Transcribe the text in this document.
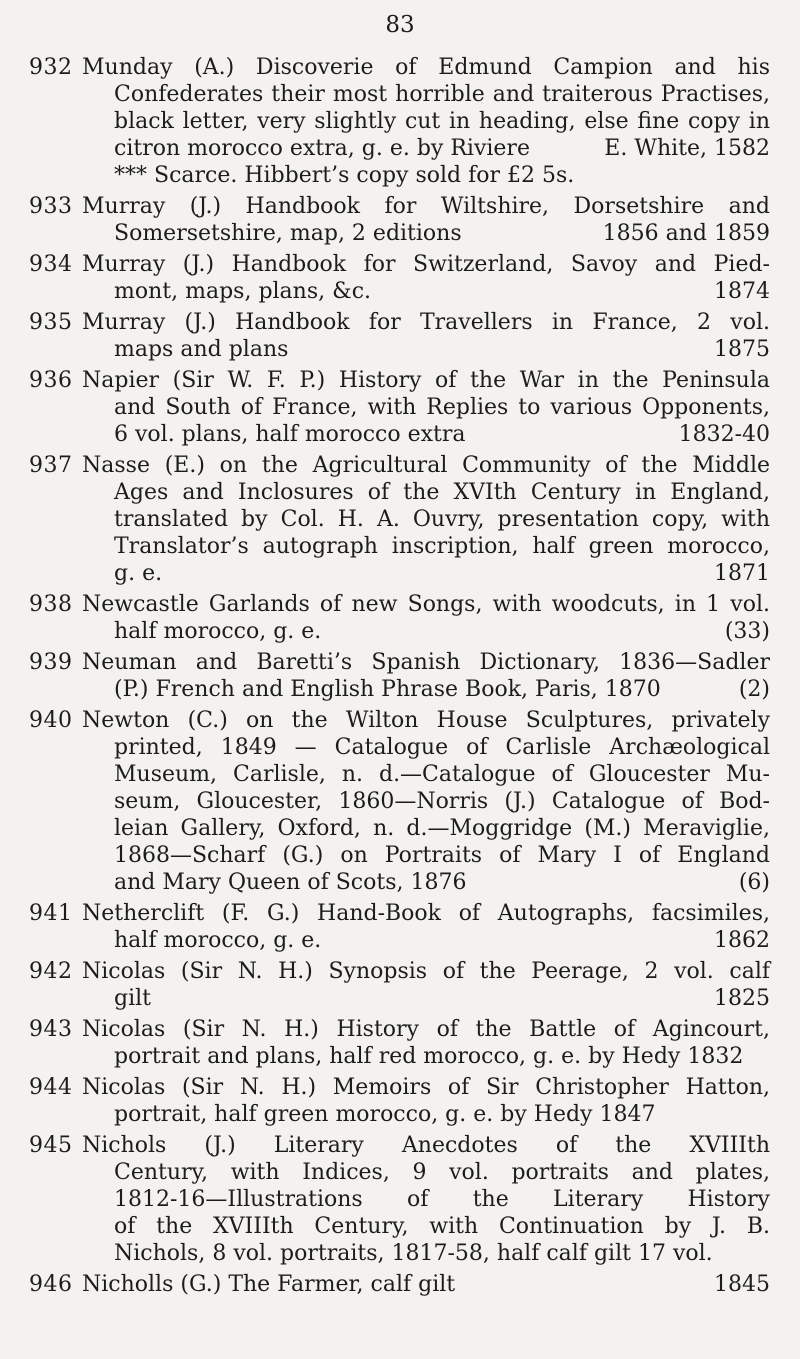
83
932 Munday (A.) Discoverie of Edmund Campion and his
Confederates their most horrible and traiterous Practises,
black letter, very slightly cut in heading, else fine copy in
E. White, 1582
citron morocco extra, g. e. by Riviere
*** Scarce. Hibbert’s copy sold for £2 5s.
933 Murray (J.) Handbook for Wiltshire, Dorsetshire and
1856 and 1859
Somersetshire, map, 2 editions
934 Murray (J.) Handbook for Switzerland, Savoy and Pied-
1874
mont, maps, plans, &c.
935 Murray (J.) Handbook for Travellers in France, 2 vol.
1875
maps and plans
936 Napier (Sir W. F. P.) History of the War in the Peninsula
and South of France, with Replies to various Opponents,
1832-40
6 vol. plans, half morocco extra
937 Nasse (E.) on the Agricultural Community of the Middle
Ages and Inclosures of the XVIth Century in England,
translated by Col. H. A. Ouvry, presentation copy, with
Translator’s autograph inscription, half green morocco,
1871
g. e.
938 Newcastle Garlands of new Songs, with woodcuts, in 1 vol.
(33)
half morocco, g. e.
939 Neuman and Baretti’s Spanish Dictionary, 1836—Sadler
(2)
(P.) French and English Phrase Book, Paris, 1870
940 Newton (C.) on the Wilton House Sculptures, privately
printed, 1849 — Catalogue of Carlisle Archæological
Museum, Carlisle, n. d.—Catalogue of Gloucester Mu-
seum, Gloucester, 1860—Norris (J.) Catalogue of Bod-
leian Gallery, Oxford, n. d.—Moggridge (M.) Meraviglie,
1868—Scharf (G.) on Portraits of Mary I of England
(6)
and Mary Queen of Scots, 1876
941 Netherclift (F. G.) Hand-Book of Autographs, facsimiles,
1862
half morocco, g. e.
942 Nicolas (Sir N. H.) Synopsis of the Peerage, 2 vol. calf
1825
gilt
943 Nicolas (Sir N. H.) History of the Battle of Agincourt,
portrait and plans, half red morocco, g. e. by Hedy 1832
944 Nicolas (Sir N. H.) Memoirs of Sir Christopher Hatton,
portrait, half green morocco, g. e. by Hedy 1847
945 Nichols (J.) Literary Anecdotes of the XVIIIth
Century, with Indices, 9 vol. portraits and plates,
1812-16—Illustrations of the Literary History
of the XVIIIth Century, with Continuation by J. B.
Nichols, 8 vol. portraits, 1817-58, half calf gilt 17 vol.
946	1845
Nicholls (G.) The Farmer, calf gilt
